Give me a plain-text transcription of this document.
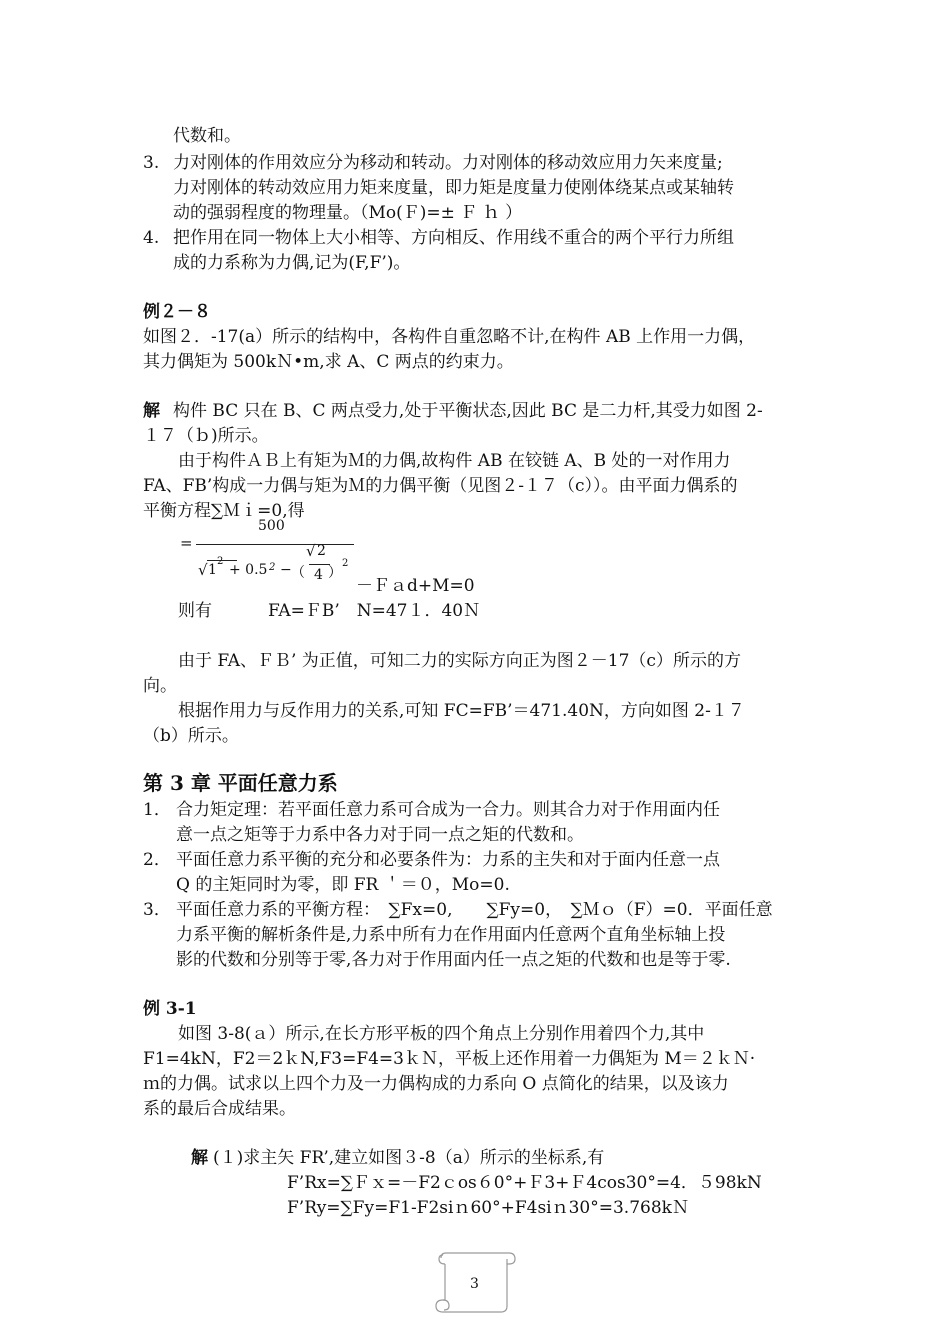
代数和。
3. 力对刚体的作用效应分为移动和转动。力对刚体的移动效应用力矢来度量;
力对刚体的转动效应用力矩来度量，即力矩是度量力使刚体绕某点或某轴转
动的强弱程度的物理量。（Mo(Ｆ)=± Ｆ ｈ ）
4. 把作用在同一物体上大小相等、方向相反、作用线不重合的两个平行力所组
成的力系称为力偶,记为(F,F’)。
例２－８
如图２．-17(a）所示的结构中，各构件自重忽略不计,在构件 AB 上作用一力偶，
其力偶矩为 500kＮ•m,求 A、C 两点的约束力。
解 构件 BC 只在 B、C 两点受力,处于平衡状态,因此 BC 是二力杆,其受力如图 2-
１７（ｂ)所示。
由于构件ＡＢ上有矩为Ｍ的力偶,故构件 AB 在铰链 A、B 处的一对作用力
FA、FB’构成一力偶与矩为Ｍ的力偶平衡（见图２-１７（c））。由平面力偶系的
平衡方程∑Ｍｉ=0,得
=
500
√ 1
2
+ 0.5 2 − （
√ 2
4 ）
2
－Ｆａd+M=0
则有	FA=ＦB’　N=47１．40Ｎ
由于 FA、ＦＢ’ 为正值，可知二力的实际方向正为图２－17（c）所示的方
向。
根据作用力与反作用力的关系,可知 FC=FB’＝471.40N，方向如图 2-１７
（b）所示。
第 3 章 平面任意力系
1． 合力矩定理：若平面任意力系可合成为一合力。则其合力对于作用面内任
意一点之矩等于力系中各力对于同一点之矩的代数和。
2． 平面任意力系平衡的充分和必要条件为：力系的主失和对于面内任意一点
Q 的主矩同时为零，即 FR ＇＝０，Mo=0.
3． 平面任意力系的平衡方程：　∑Fx=0,　　∑Fy=0，　∑Ｍｏ（F）=0．平面任意
力系平衡的解析条件是,力系中所有力在作用面内任意两个直角坐标轴上投
影的代数和分别等于零,各力对于作用面内任一点之矩的代数和也是等于零.
例 3-1
如图 3-8(ａ）所示,在长方形平板的四个角点上分别作用着四个力,其中
F1=4kN，F2＝2ｋN,F3=F4=3ｋＮ，平板上还作用着一力偶矩为 M＝２ｋＮ·
ｍ的力偶。试求以上四个力及一力偶构成的力系向 O 点简化的结果，以及该力
系的最后合成结果。
解 (１)求主矢 FR’,建立如图３-8（a）所示的坐标系,有
F’Rx=∑Ｆｘ=－F2ｃos６0°+Ｆ3+Ｆ4cos30°=4．５98kN
F’Ry=∑Fy=F1-F2siｎ60°+F4siｎ30°=3.768kＮ
3
